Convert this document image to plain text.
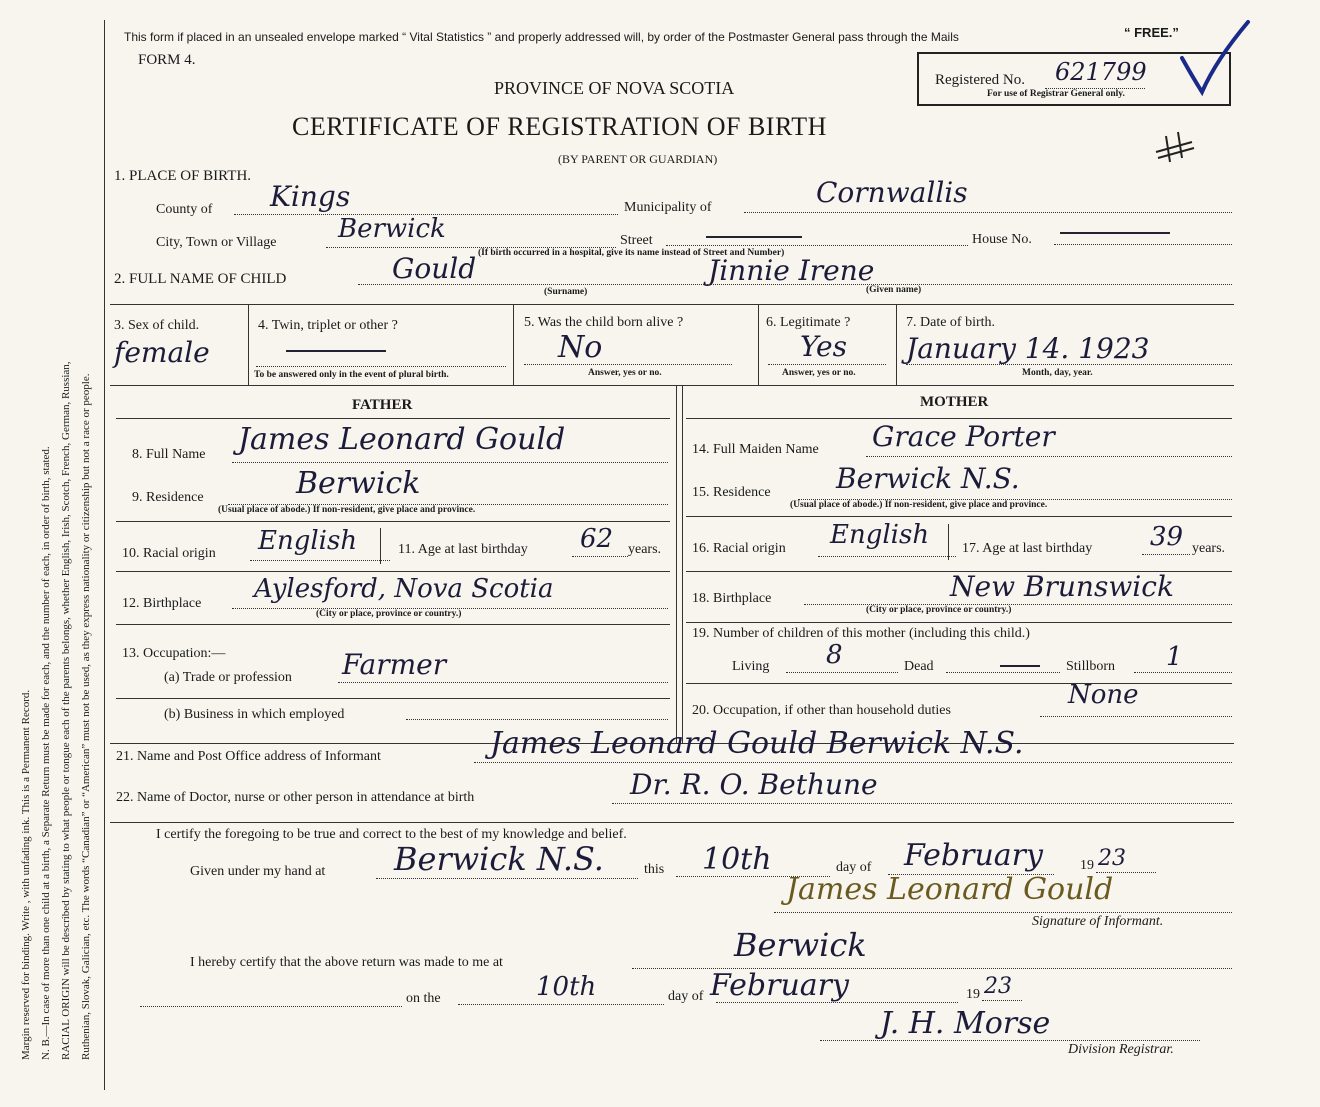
Margin reserved for binding. Write , with unfading ink. This is a Permanent Record. N. B.—In case of more than one child at a birth, a Separate Return must be made for each, and the number of each, in order of birth, stated. RACIAL ORIGIN will be described by stating to what people or tongue each of the parents belongs, whether English, Irish, Scotch, French, German, Russian, Ruthenian, Slovak, Galician, etc. The words “Canadian” or “American” must not be used, as they express nationality or citizenship but not a race or people.
This form if placed in an unsealed envelope marked “ Vital Statistics ” and properly addressed will, by order of the Postmaster General pass through the Mails	“ FREE.”
FORM 4.
PROVINCE OF NOVA SCOTIA
CERTIFICATE OF REGISTRATION OF BIRTH
(BY PARENT OR GUARDIAN)
Registered No. 621799
For use of Registrar General only.
1. PLACE OF BIRTH.
County of Kings	Municipality of	Cornwallis
City, Town or Village Berwick	Street	House No.
(If birth occurred in a hospital, give its name instead of Street and Number)
2. FULL NAME OF CHILD	Gould	Jinnie Irene
(Surname)	(Given name)
3. Sex of child.
female
4. Twin, triplet or other ?
To be answered only in the event of plural birth.
5. Was the child born alive ?
No
Answer, yes or no.
6. Legitimate ?
Yes
Answer, yes or no.
7. Date of birth.
January 14. 1923
Month, day, year.
FATHER	MOTHER
8. Full Name James Leonard Gould
9. Residence	Berwick
(Usual place of abode.) If non-resident, give place and province.
10. Racial origin English	11. Age at last birthday 62 years.
12. Birthplace Aylesford, Nova Scotia
(City or place, province or country.)
13. Occupation:—
(a) Trade or profession Farmer
(b) Business in which employed
14. Full Maiden Name Grace Porter
15. Residence Berwick N.S.
(Usual place of abode.) If non-resident, give place and province.
16. Racial origin English 17. Age at last birthday 39 years.
18. Birthplace	New Brunswick
(City or place, province or country.)
19. Number of children of this mother (including this child.)
Living 8	Dead	Stillborn 1
20. Occupation, if other than household duties
None
21. Name and Post Office address of Informant	James Leonard Gould Berwick N.S.
22. Name of Doctor, nurse or other person in attendance at birth	Dr. R. O. Bethune
I certify the foregoing to be true and correct to the best of my knowledge and belief.
Given under my hand at Berwick N.S.	this 10th	day of February	19 23
James Leonard Gould
Signature of Informant.
Berwick
I hereby certify that the above return was made to me at
on the	10th	day of February	19 23
J. H. Morse
Division Registrar.
